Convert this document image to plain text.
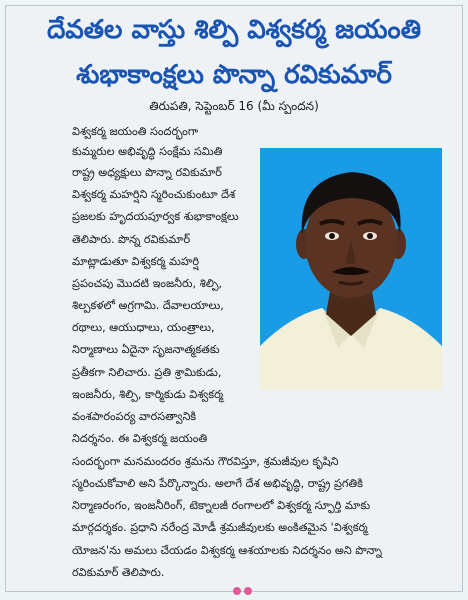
దేవతల వాస్తు శిల్పి విశ్వకర్మ జయంతి
శుభాకాంక్షలు పొన్నా రవికుమార్
తిరుపతి, సెప్టెంబర్ 16 (మీ స్పందన)
విశ్వకర్మ జయంతి సందర్భంగా
కుమ్మరుల అభివృద్ధి సంక్షేమ సమితి
రాష్ట్ర అధ్యక్షులు పొన్నా రవికుమార్
విశ్వకర్మ మహర్షిని స్మరించుకుంటూ దేశ
ప్రజలకు హృదయపూర్వక శుభాకాంక్షలు
తెలిపారు. పొన్న రవికుమార్
మాట్లాడుతూ విశ్వకర్మ మహర్షి
ప్రపంచపు మొదటి ఇంజనీరు, శిల్పి,
శిల్పకళలో అగ్రగామి. దేవాలయాలు,
రథాలు, ఆయుధాలు, యంత్రాలు,
నిర్మాణాలు ఏదైనా సృజనాత్మకతకు
ప్రతీకగా నిలిచారు. ప్రతి శ్రామికుడు,
ఇంజనీరు, శిల్పి, కార్మికుడు విశ్వకర్మ
వంశపారంపర్య వారసత్వానికి
నిదర్శనం. ఈ విశ్వకర్మ జయంతి
సందర్భంగా మనమందరం శ్రమను గౌరవిస్తూ, శ్రమజీవుల కృషిని
స్మరించుకోవాలి అని పేర్కొన్నారు. అలాగే దేశ అభివృద్ధి, రాష్ట్ర ప్రగతికి
నిర్మాణరంగం, ఇంజనీరింగ్, టెక్నాలజీ రంగాలలో విశ్వకర్మ స్ఫూర్తి మాకు
మార్గదర్శకం. ప్రధాని నరేంద్ర మోడీ శ్రమజీవులకు అంకితమైన 'విశ్వకర్మ
యోజన'ను అమలు చేయడం విశ్వకర్మ ఆశయాలకు నిదర్శనం అని పొన్నా
రవికుమార్ తెలిపారు.
